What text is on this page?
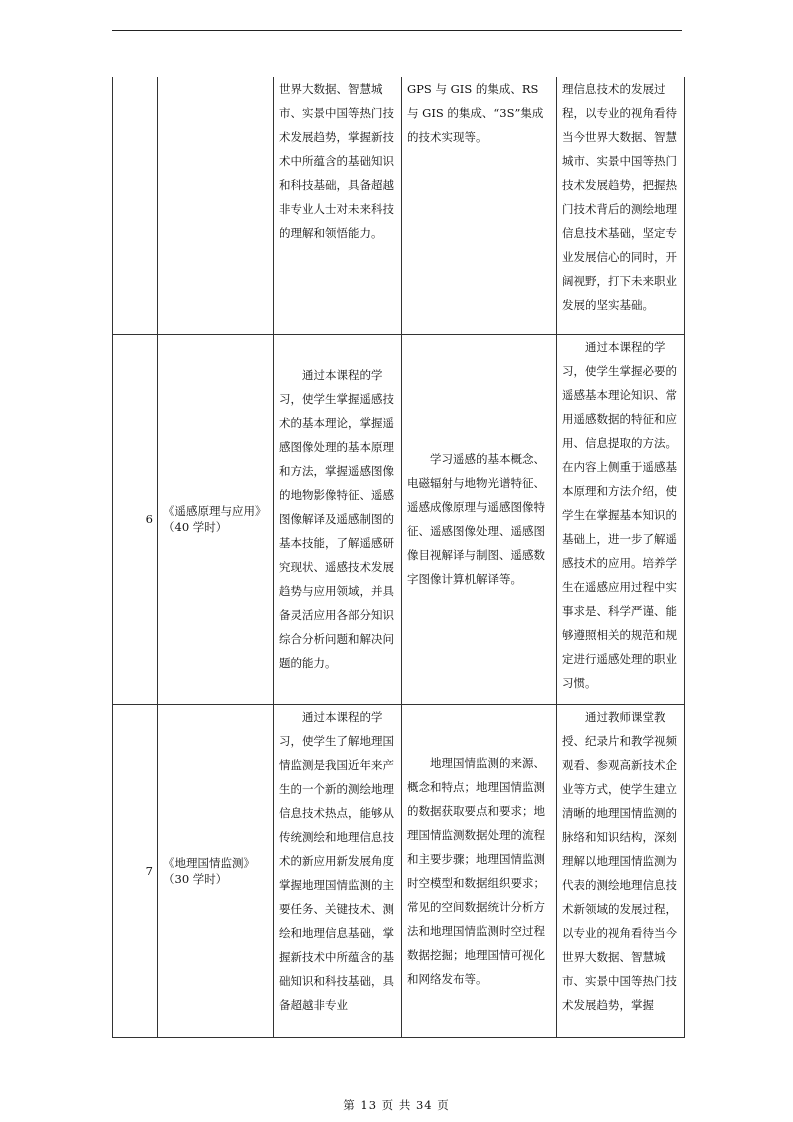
		世界大数据、智慧城市、实景中国等热门技术发展趋势，掌握新技术中所蕴含的基础知识和科技基础，具备超越非专业人士对未来科技的理解和领悟能力。	GPS 与 GIS 的集成、RS 与 GIS 的集成、“3S”集成的技术实现等。	理信息技术的发展过程，以专业的视角看待当今世界大数据、智慧城市、实景中国等热门技术发展趋势，把握热门技术背后的测绘地理信息技术基础，坚定专业发展信心的同时，开阔视野，打下未来职业发展的坚实基础。
6	《遥感原理与应用》（40 学时）	通过本课程的学习，使学生掌握遥感技术的基本理论，掌握遥感图像处理的基本原理和方法，掌握遥感图像的地物影像特征、遥感图像解译及遥感制图的基本技能，了解遥感研究现状、遥感技术发展趋势与应用领域，并具备灵活应用各部分知识综合分析问题和解决问题的能力。	学习遥感的基本概念、电磁辐射与地物光谱特征、遥感成像原理与遥感图像特征、遥感图像处理、遥感图像目视解译与制图、遥感数字图像计算机解译等。	通过本课程的学习，使学生掌握必要的遥感基本理论知识、常用遥感数据的特征和应用、信息提取的方法。在内容上侧重于遥感基本原理和方法介绍，使学生在掌握基本知识的基础上，进一步了解遥感技术的应用。培养学生在遥感应用过程中实事求是、科学严谨、能够遵照相关的规范和规定进行遥感处理的职业习惯。

7	《地理国情监测》（30 学时）	通过本课程的学习，使学生了解地理国情监测是我国近年来产生的一个新的测绘地理信息技术热点，能够从传统测绘和地理信息技术的新应用新发展角度掌握地理国情监测的主要任务、关键技术、测绘和地理信息基础，掌握新技术中所蕴含的基础知识和科技基础，具备超越非专业	地理国情监测的来源、概念和特点；地理国情监测的数据获取要点和要求；地理国情监测数据处理的流程和主要步骤；地理国情监测时空模型和数据组织要求；常见的空间数据统计分析方法和地理国情监测时空过程数据挖掘；地理国情可视化和网络发布等。	通过教师课堂教授、纪录片和教学视频观看、参观高新技术企业等方式，使学生建立清晰的地理国情监测的脉络和知识结构，深刻理解以地理国情监测为代表的测绘地理信息技术新领域的发展过程，以专业的视角看待当今世界大数据、智慧城市、实景中国等热门技术发展趋势，掌握
第 13 页 共 34 页
